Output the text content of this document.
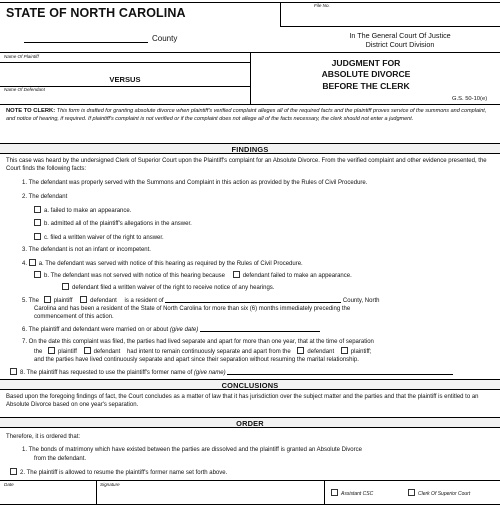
STATE OF NORTH CAROLINA
File No.
County	In The General Court Of Justice
District Court Division
Name Of Plaintiff
VERSUS
Name Of Defendant
JUDGMENT FOR
ABSOLUTE DIVORCE
BEFORE THE CLERK
G.S. 50-10(e)
NOTE TO CLERK: This form is drafted for granting absolute divorce when plaintiff's verified complaint alleges all of the required facts and the plaintiff proves service of the summons and complaint, and notice of hearing, if required. If plaintiff's complaint is not verified or if the complaint does not allege all of the facts necessary, the clerk should not enter a judgment.
FINDINGS
This case was heard by the undersigned Clerk of Superior Court upon the Plaintiff's complaint for an Absolute Divorce. From the verified complaint and other evidence presented, the Court finds the following facts:
1. The defendant was properly served with the Summons and Complaint in this action as provided by the Rules of Civil Procedure.
2. The defendant
a. failed to make an appearance.
b. admitted all of the plaintiff's allegations in the answer.
c. filed a written waiver of the right to answer.
3. The defendant is not an infant or incompetent.
4. a. The defendant was served with notice of this hearing as required by the Rules of Civil Procedure.
b. The defendant was not served with notice of this hearing because	defendant failed to make an appearance.
defendant filed a written waiver of the right to receive notice of any hearings.
5. The plaintiff	defendant is a resident of	County, North
Carolina and has been a resident of the State of North Carolina for more than six (6) months immediately preceding the
commencement of this action.
6. The plaintiff and defendant were married on or about (give date)
7. On the date this complaint was filed, the parties had lived separate and apart for more than one year, that at the time of separation
the	plaintiff	defendant had intent to remain continuously separate and apart from the	defendant	plaintiff;
and the parties have lived continuously separate and apart since their separation without resuming the marital relationship.
8. The plaintiff has requested to use the plaintiff's former name of (give name)
CONCLUSIONS
Based upon the foregoing findings of fact, the Court concludes as a matter of law that it has jurisdiction over the subject matter and the parties and that the plaintiff is entitled to an Absolute Divorce based on one year's separation.
ORDER
Therefore, it is ordered that:
1. The bonds of matrimony which have existed between the parties are dissolved and the plaintiff is granted an Absolute Divorce
from the defendant.
2. The plaintiff is allowed to resume the plaintiff's former name set forth above.
Date	Signature
Assistant CSC	Clerk Of Superior Court
